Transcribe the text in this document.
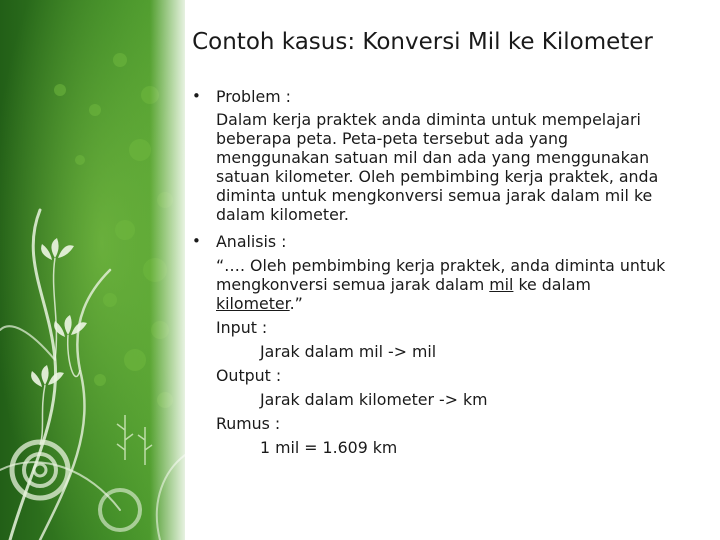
Contoh kasus: Konversi Mil ke Kilometer
• Problem :
Dalam kerja praktek anda diminta untuk mempelajari
beberapa peta. Peta-peta tersebut ada yang
menggunakan satuan mil dan ada yang menggunakan
satuan kilometer. Oleh pembimbing kerja praktek, anda
diminta untuk mengkonversi semua jarak dalam mil ke
dalam kilometer.
• Analisis :
“…. Oleh pembimbing kerja praktek, anda diminta untuk
mengkonversi semua jarak dalam mil ke dalam
kilometer.”
Input :
Jarak dalam mil -> mil
Output :
Jarak dalam kilometer -> km
Rumus :
1 mil = 1.609 km
